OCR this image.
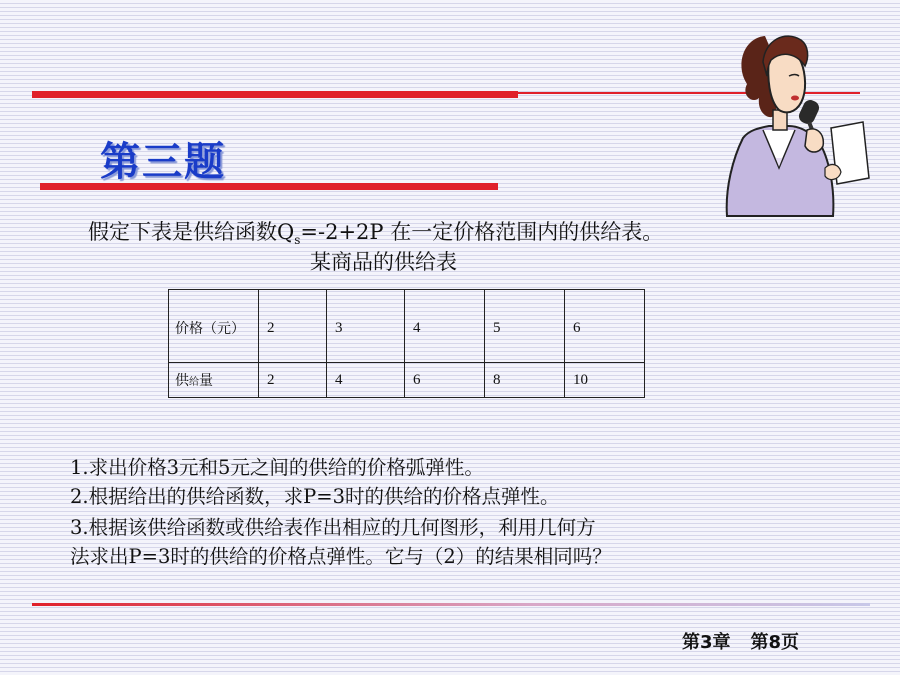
第三题
假定下表是供给函数$Q_s=-2+2P$ 在一定价格范围内的供给表。
某商品的供给表
价格（元）	2	3	4	5	6
供给量	2	4	6	8	10
1.求出价格3元和5元之间的供给的价格弧弹性。
2.根据给出的供给函数，求P=3时的供给的价格点弹性。
3.根据该供给函数或供给表作出相应的几何图形，利用几何方
法求出P=3时的供给的价格点弹性。它与（2）的结果相同吗？
第3章 第8页
